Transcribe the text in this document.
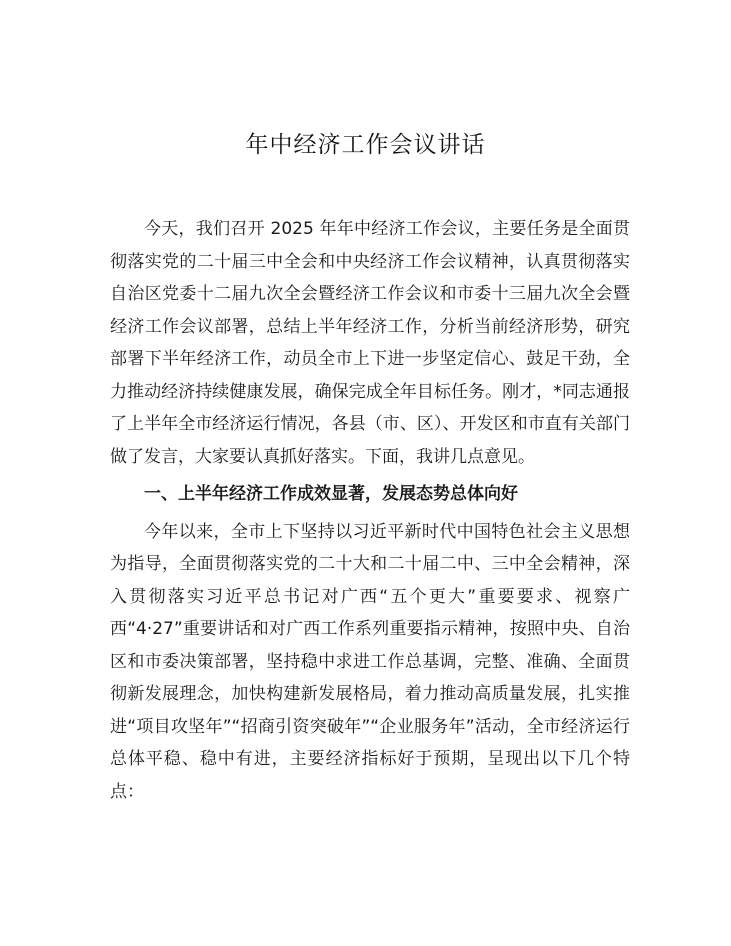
年中经济工作会议讲话

今天，我们召开 2025 年年中经济工作会议，主要任务是全面贯彻落实党的二十届三中全会和中央经济工作会议精神，认真贯彻落实自治区党委十二届九次全会暨经济工作会议和市委十三届九次全会暨经济工作会议部署，总结上半年经济工作，分析当前经济形势，研究部署下半年经济工作，动员全市上下进一步坚定信心、鼓足干劲，全力推动经济持续健康发展，确保完成全年目标任务。刚才，*同志通报了上半年全市经济运行情况，各县（市、区）、开发区和市直有关部门做了发言，大家要认真抓好落实。下面，我讲几点意见。

一、上半年经济工作成效显著，发展态势总体向好

今年以来，全市上下坚持以习近平新时代中国特色社会主义思想为指导，全面贯彻落实党的二十大和二十届二中、三中全会精神，深入贯彻落实习近平总书记对广西“五个更大”重要要求、视察广西“4·27”重要讲话和对广西工作系列重要指示精神，按照中央、自治区和市委决策部署，坚持稳中求进工作总基调，完整、准确、全面贯彻新发展理念，加快构建新发展格局，着力推动高质量发展，扎实推进“项目攻坚年”“招商引资突破年”“企业服务年”活动，全市经济运行总体平稳、稳中有进，主要经济指标好于预期，呈现出以下几个特点：
